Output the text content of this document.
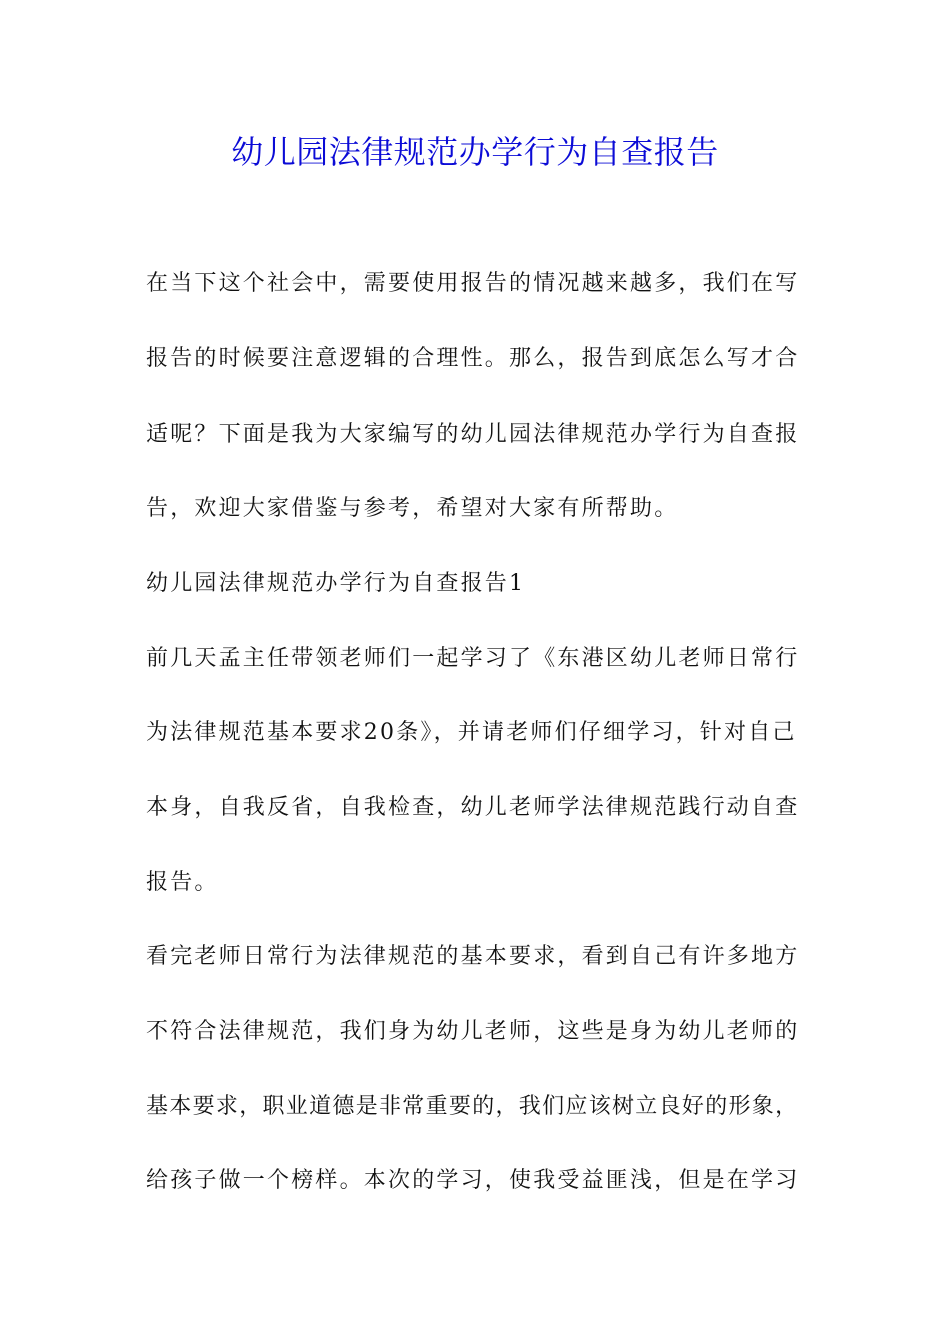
幼儿园法律规范办学行为自查报告
在当下这个社会中，需要使用报告的情况越来越多，我们在写
报告的时候要注意逻辑的合理性。那么，报告到底怎么写才合
适呢？下面是我为大家编写的幼儿园法律规范办学行为自查报
告，欢迎大家借鉴与参考，希望对大家有所帮助。
幼儿园法律规范办学行为自查报告1
前几天孟主任带领老师们一起学习了《东港区幼儿老师日常行
为法律规范基本要求20条》，并请老师们仔细学习，针对自己
本身，自我反省，自我检查，幼儿老师学法律规范践行动自查
报告。
看完老师日常行为法律规范的基本要求，看到自己有许多地方
不符合法律规范，我们身为幼儿老师，这些是身为幼儿老师的
基本要求，职业道德是非常重要的，我们应该树立良好的形象，
给孩子做一个榜样。本次的学习，使我受益匪浅，但是在学习
